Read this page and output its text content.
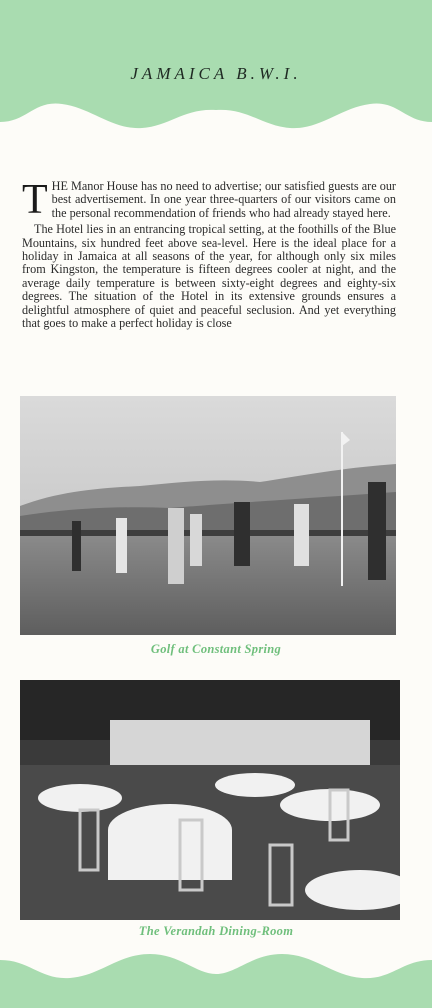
JAMAICA B.W.I.

THE Manor House has no need to advertise; our satisfied guests are our best advertisement. In one year three-quarters of our visitors came on the personal recommendation of friends who had already stayed here.

The Hotel lies in an entrancing tropical setting, at the foothills of the Blue Mountains, six hundred feet above sea-level. Here is the ideal place for a holiday in Jamaica at all seasons of the year, for although only six miles from Kingston, the temperature is fifteen degrees cooler at night, and the average daily temperature is between sixty-eight degrees and eighty-six degrees. The situation of the Hotel in its extensive grounds ensures a delightful atmosphere of quiet and peaceful seclusion. And yet everything that goes to make a perfect holiday is close

Golf at Constant Spring
The Verandah Dining-Room
